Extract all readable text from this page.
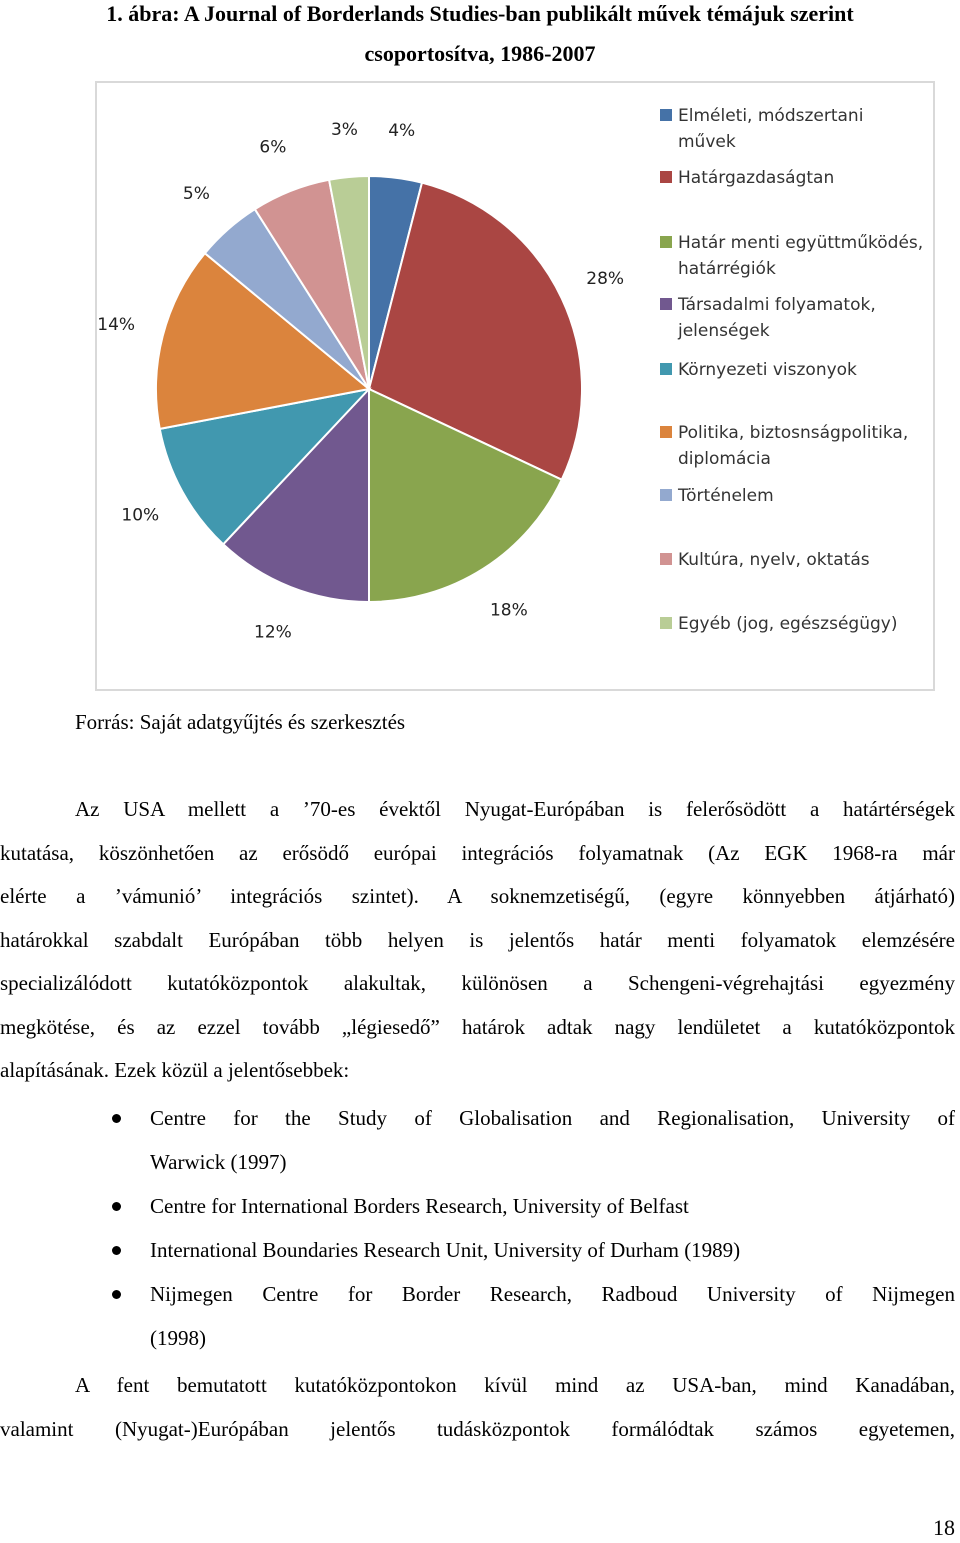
1. ábra: A Journal of Borderlands Studies-ban publikált művek témájuk szerint
csoportosítva, 1986-2007
4%
28%
18%
12%
10%
14%
5%
6%
3%
Elméleti, módszertani
művek
Határgazdaságtan
Határ menti együttműködés,
határrégiók
Társadalmi folyamatok,
jelenségek
Környezeti viszonyok
Politika, biztosnságpolitika,
diplomácia
Történelem
Kultúra, nyelv, oktatás
Egyéb (jog, egészségügy)
Forrás: Saját adatgyűjtés és szerkesztés
Az USA mellett a ’70-es évektől Nyugat-Európában is felerősödött a határtérségek
kutatása, köszönhetően az erősödő európai integrációs folyamatnak (Az EGK 1968-ra már
elérte a ’vámunió’ integrációs szintet). A soknemzetiségű, (egyre könnyebben átjárható)
határokkal szabdalt Európában több helyen is jelentős határ menti folyamatok elemzésére
specializálódott kutatóközpontok alakultak, különösen a Schengeni-végrehajtási egyezmény
megkötése, és az ezzel tovább „légiesedő” határok adtak nagy lendületet a kutatóközpontok
alapításának. Ezek közül a jelentősebbek:
Centre for the Study of Globalisation and Regionalisation, University of
Warwick (1997)
Centre for International Borders Research, University of Belfast
International Boundaries Research Unit, University of Durham (1989)
Nijmegen Centre for Border Research, Radboud University of Nijmegen
(1998)
A fent bemutatott kutatóközpontokon kívül mind az USA-ban, mind Kanadában,
valamint (Nyugat-)Európában jelentős tudásközpontok formálódtak számos egyetemen,
18
